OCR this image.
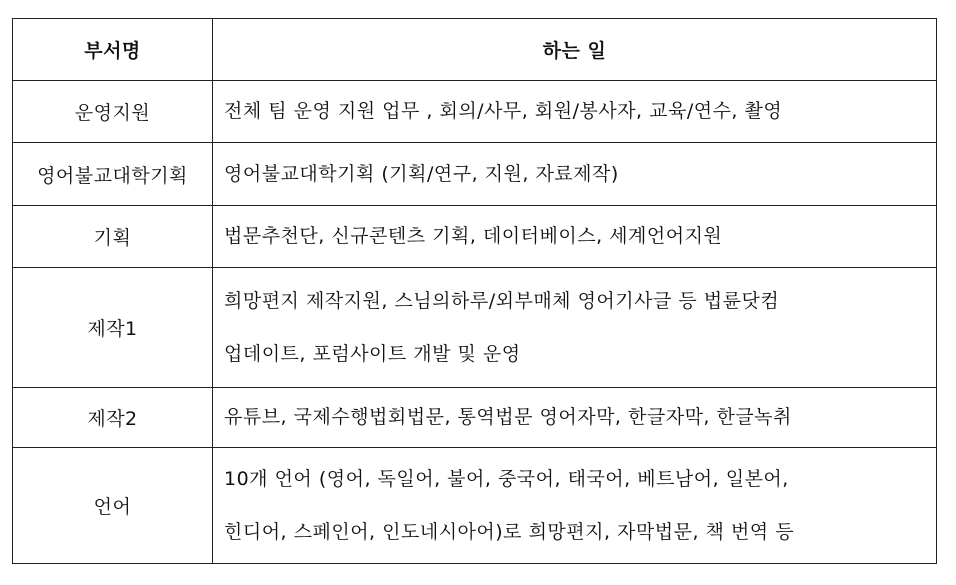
부서명	하는 일
운영지원	전체 팀 운영 지원 업무 , 회의/사무, 회원/봉사자, 교육/연수, 촬영

영어불교대학기획	영어불교대학기획 (기획/연구, 지원, 자료제작)

기획	법문추천단, 신규콘텐츠 기획, 데이터베이스, 세계언어지원

제작1	희망편지 제작지원, 스님의하루/외부매체 영어기사글 등 법륜닷컴
업데이트, 포럼사이트 개발 및 운영

제작2	유튜브, 국제수행법회법문, 통역법문 영어자막, 한글자막, 한글녹취

언어	10개 언어 (영어, 독일어, 불어, 중국어, 태국어, 베트남어, 일본어,
힌디어, 스페인어, 인도네시아어)로 희망편지, 자막법문, 책 번역 등
